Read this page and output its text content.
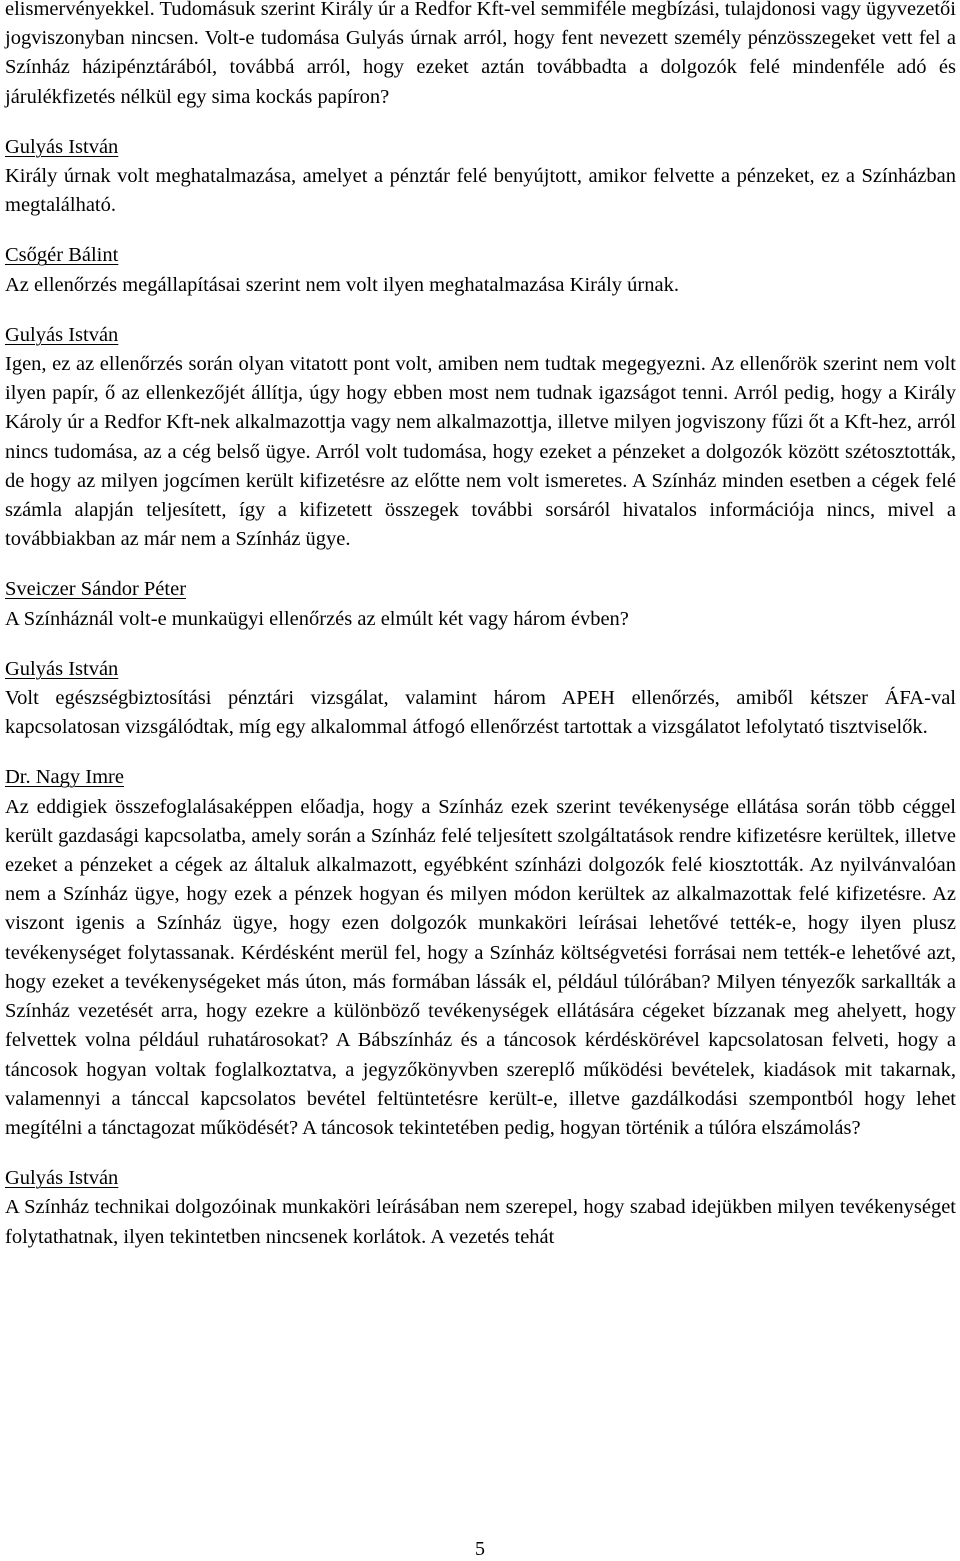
elismervényekkel. Tudomásuk szerint Király úr a Redfor Kft-vel semmiféle megbízási, tulajdonosi vagy ügyvezetői jogviszonyban nincsen. Volt-e tudomása Gulyás úrnak arról, hogy fent nevezett személy pénzösszegeket vett fel a Színház házipénztárából, továbbá arról, hogy ezeket aztán továbbadta a dolgozók felé mindenféle adó és járulékfizetés nélkül egy sima kockás papíron?

Gulyás István

Király úrnak volt meghatalmazása, amelyet a pénztár felé benyújtott, amikor felvette a pénzeket, ez a Színházban megtalálható.

Csőgér Bálint

Az ellenőrzés megállapításai szerint nem volt ilyen meghatalmazása Király úrnak.

Gulyás István

Igen, ez az ellenőrzés során olyan vitatott pont volt, amiben nem tudtak megegyezni. Az ellenőrök szerint nem volt ilyen papír, ő az ellenkezőjét állítja, úgy hogy ebben most nem tudnak igazságot tenni. Arról pedig, hogy a Király Károly úr a Redfor Kft-nek alkalmazottja vagy nem alkalmazottja, illetve milyen jogviszony fűzi őt a Kft-hez, arról nincs tudomása, az a cég belső ügye. Arról volt tudomása, hogy ezeket a pénzeket a dolgozók között szétosztották, de hogy az milyen jogcímen került kifizetésre az előtte nem volt ismeretes. A Színház minden esetben a cégek felé számla alapján teljesített, így a kifizetett összegek további sorsáról hivatalos információja nincs, mivel a továbbiakban az már nem a Színház ügye.

Sveiczer Sándor Péter

A Színháznál volt-e munkaügyi ellenőrzés az elmúlt két vagy három évben?

Gulyás István

Volt egészségbiztosítási pénztári vizsgálat, valamint három APEH ellenőrzés, amiből kétszer ÁFA-val kapcsolatosan vizsgálódtak, míg egy alkalommal átfogó ellenőrzést tartottak a vizsgálatot lefolytató tisztviselők.

Dr. Nagy Imre

Az eddigiek összefoglalásaképpen előadja, hogy a Színház ezek szerint tevékenysége ellátása során több céggel került gazdasági kapcsolatba, amely során a Színház felé teljesített szolgáltatások rendre kifizetésre kerültek, illetve ezeket a pénzeket a cégek az általuk alkalmazott, egyébként színházi dolgozók felé kiosztották. Az nyilvánvalóan nem a Színház ügye, hogy ezek a pénzek hogyan és milyen módon kerültek az alkalmazottak felé kifizetésre. Az viszont igenis a Színház ügye, hogy ezen dolgozók munkaköri leírásai lehetővé tették-e, hogy ilyen plusz tevékenységet folytassanak. Kérdésként merül fel, hogy a Színház költségvetési forrásai nem tették-e lehetővé azt, hogy ezeket a tevékenységeket más úton, más formában lássák el, például túlórában? Milyen tényezők sarkallták a Színház vezetését arra, hogy ezekre a különböző tevékenységek ellátására cégeket bízzanak meg ahelyett, hogy felvettek volna például ruhatárosokat? A Bábszínház és a táncosok kérdéskörével kapcsolatosan felveti, hogy a táncosok hogyan voltak foglalkoztatva, a jegyzőkönyvben szereplő működési bevételek, kiadások mit takarnak, valamennyi a tánccal kapcsolatos bevétel feltüntetésre került-e, illetve gazdálkodási szempontból hogy lehet megítélni a tánctagozat működését? A táncosok tekintetében pedig, hogyan történik a túlóra elszámolás?

Gulyás István

A Színház technikai dolgozóinak munkaköri leírásában nem szerepel, hogy szabad idejükben milyen tevékenységet folytathatnak, ilyen tekintetben nincsenek korlátok. A vezetés tehát

5
